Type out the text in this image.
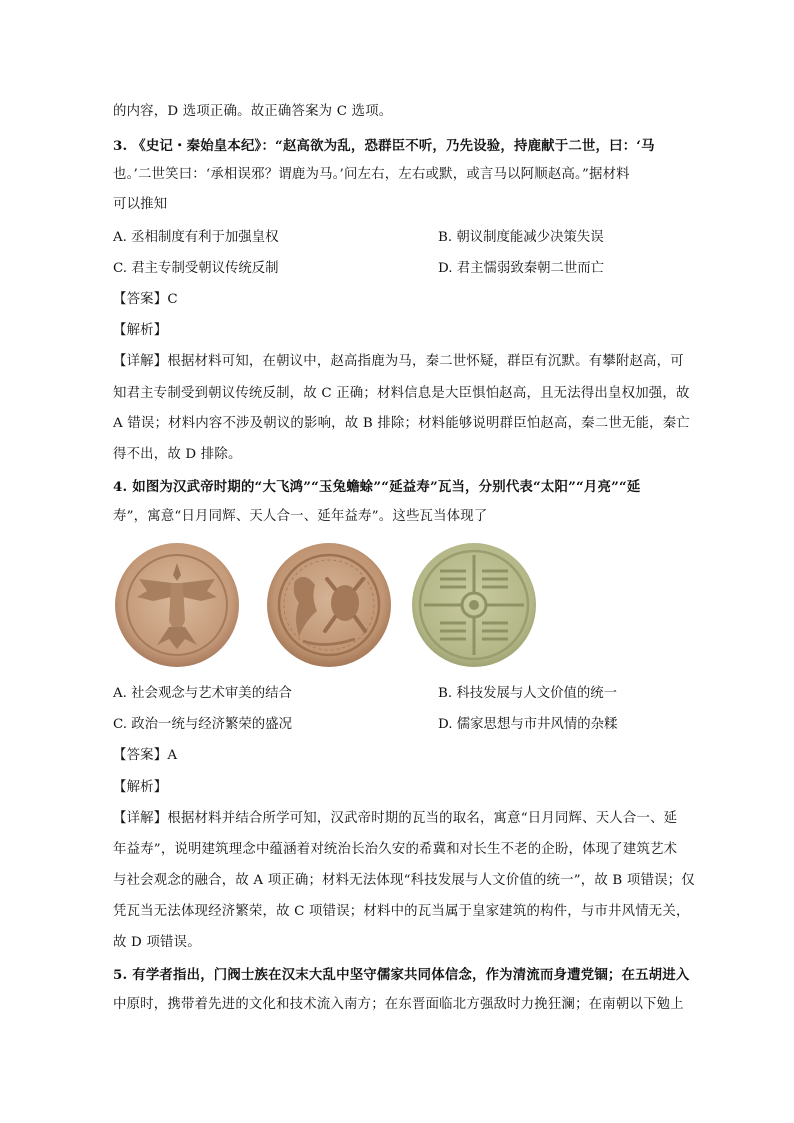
的内容，D 选项正确。故正确答案为 C 选项。
3. 《史记・秦始皇本纪》：“赵高欲为乱，恐群臣不听，乃先设验，持鹿献于二世，曰：‘马
也。’二世笑曰：‘承相误邪？谓鹿为马。’问左右，左右或默，或言马以阿顺赵高。”据材料
可以推知
A. 丞相制度有利于加强皇权	B. 朝议制度能减少决策失误
C. 君主专制受朝议传统反制	D. 君主懦弱致秦朝二世而亡
【答案】C
【解析】
【详解】根据材料可知，在朝议中，赵高指鹿为马，秦二世怀疑，群臣有沉默。有攀附赵高，可
知君主专制受到朝议传统反制，故 C 正确；材料信息是大臣惧怕赵高，且无法得出皇权加强，故
A 错误；材料内容不涉及朝议的影响，故 B 排除；材料能够说明群臣怕赵高，秦二世无能，秦亡
得不出，故 D 排除。
4. 如图为汉武帝时期的“大飞鸿”“玉兔蟾蜍”“延益寿”瓦当，分别代表“太阳”“月亮”“延
寿”，寓意“日月同辉、天人合一、延年益寿”。这些瓦当体现了
A. 社会观念与艺术审美的结合	B. 科技发展与人文价值的统一
C. 政治一统与经济繁荣的盛况	D. 儒家思想与市井风情的杂糅
【答案】A
【解析】
【详解】根据材料并结合所学可知，汉武帝时期的瓦当的取名，寓意“日月同辉、天人合一、延
年益寿”，说明建筑理念中蕴涵着对统治长治久安的希冀和对长生不老的企盼，体现了建筑艺术
与社会观念的融合，故 A 项正确；材料无法体现“科技发展与人文价值的统一”，故 B 项错误；仅
凭瓦当无法体现经济繁荣，故 C 项错误；材料中的瓦当属于皇家建筑的构件，与市井风情无关，
故 D 项错误。
5. 有学者指出，门阀士族在汉末大乱中坚守儒家共同体信念，作为清流而身遭党锢；在五胡进入
中原时，携带着先进的文化和技术流入南方；在东晋面临北方强敌时力挽狂澜；在南朝以下勉上
